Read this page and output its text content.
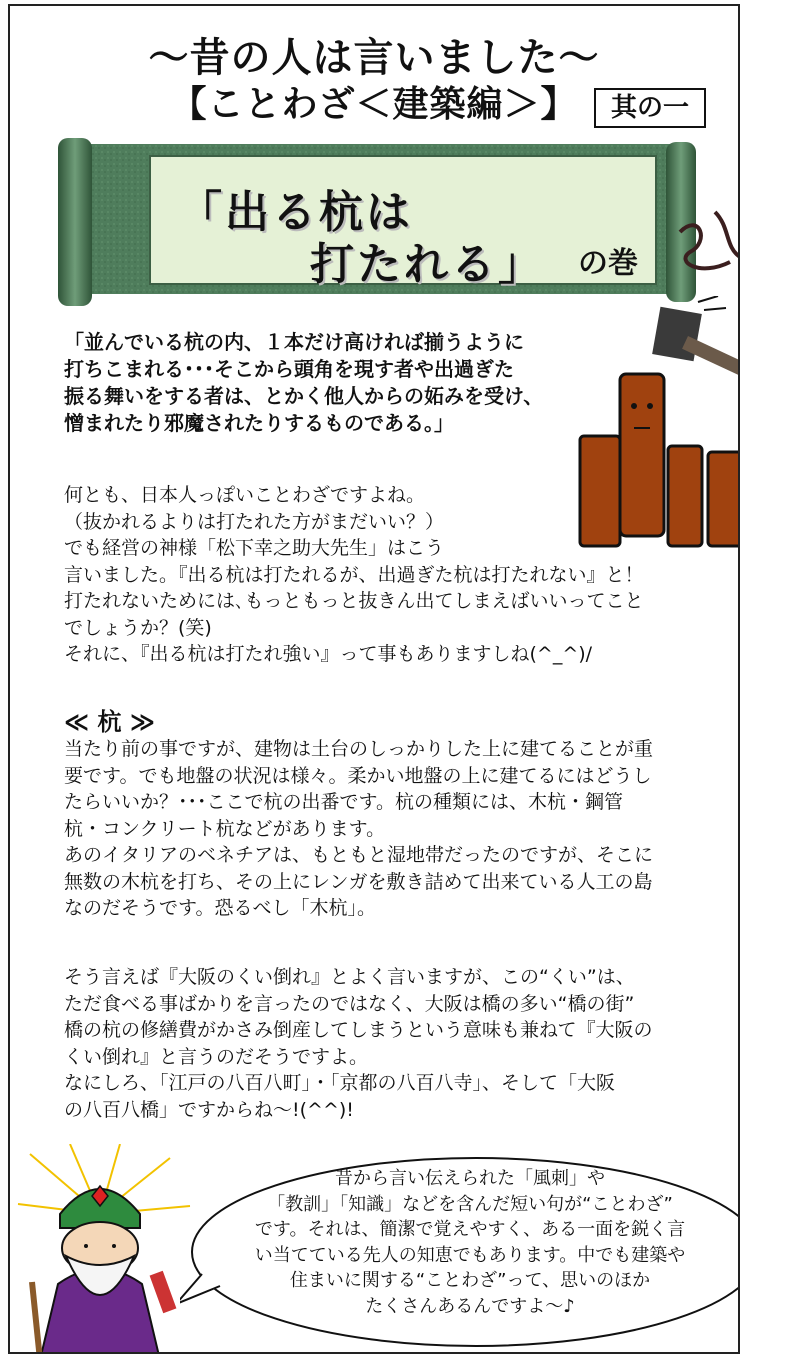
～昔の人は言いました～
【ことわざ＜建築編＞】	其の一
「出る杭は
打たれる」 の巻
「並んでいる杭の内、１本だけ高ければ揃うように
打ちこまれる･･･そこから頭角を現す者や出過ぎた
振る舞いをする者は、とかく他人からの妬みを受け、
憎まれたり邪魔されたりするものである。」
何とも、日本人っぽいことわざですよね。
（抜かれるよりは打たれた方がまだいい？）
でも経営の神様「松下幸之助大先生」はこう
言いました。『出る杭は打たれるが、出過ぎた杭は打たれない』と！
打たれないためには､もっともっと抜きん出てしまえばいいってこと
でしょうか？(笑)
それに、『出る杭は打たれ強い』って事もありますしね(^_^)/
≪ 杭 ≫
当たり前の事ですが、建物は土台のしっかりした上に建てることが重
要です。でも地盤の状況は様々。柔かい地盤の上に建てるにはどうし
たらいいか？･･･ここで杭の出番です。杭の種類には、木杭・鋼管
杭・コンクリート杭などがあります。
あのイタリアのベネチアは、もともと湿地帯だったのですが、そこに
無数の木杭を打ち、その上にレンガを敷き詰めて出来ている人工の島
なのだそうです。恐るべし「木杭」。
そう言えば『大阪のくい倒れ』とよく言いますが、この“くい”は、
ただ食べる事ばかりを言ったのではなく、大阪は橋の多い“橋の街”
橋の杭の修繕費がかさみ倒産してしまうという意味も兼ねて『大阪の
くい倒れ』と言うのだそうですよ。
なにしろ、「江戸の八百八町」・「京都の八百八寺」、そして「大阪
の八百八橋」ですからね～!(^^)!
昔から言い伝えられた「風刺」や
「教訓」「知識」などを含んだ短い句が“ことわざ”
です。それは、簡潔で覚えやすく、ある一面を鋭く言
い当てている先人の知恵でもあります。中でも建築や
住まいに関する“ことわざ”って、思いのほか
たくさんあるんですよ～♪
